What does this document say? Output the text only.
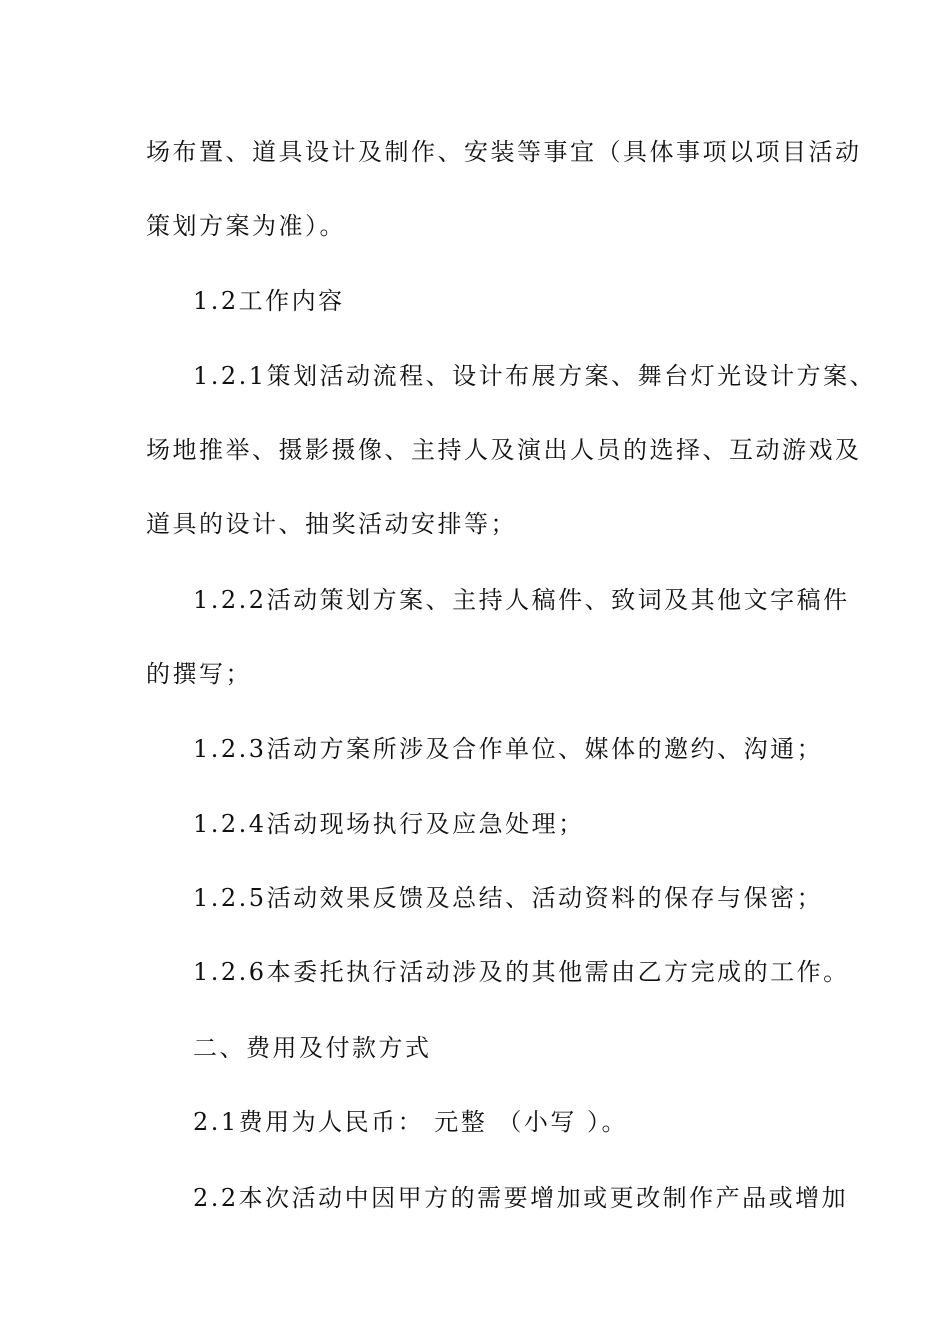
场布置、道具设计及制作、安装等事宜（具体事项以项目活动
策划方案为准）。
1.2工作内容
1.2.1策划活动流程、设计布展方案、舞台灯光设计方案、
场地推举、摄影摄像、主持人及演出人员的选择、互动游戏及
道具的设计、抽奖活动安排等；
1.2.2活动策划方案、主持人稿件、致词及其他文字稿件
的撰写；
1.2.3活动方案所涉及合作单位、媒体的邀约、沟通；
1.2.4活动现场执行及应急处理；
1.2.5活动效果反馈及总结、活动资料的保存与保密；
1.2.6本委托执行活动涉及的其他需由乙方完成的工作。
二、费用及付款方式
2.1费用为人民币： 元整 （小写 ）。
2.2本次活动中因甲方的需要增加或更改制作产品或增加
